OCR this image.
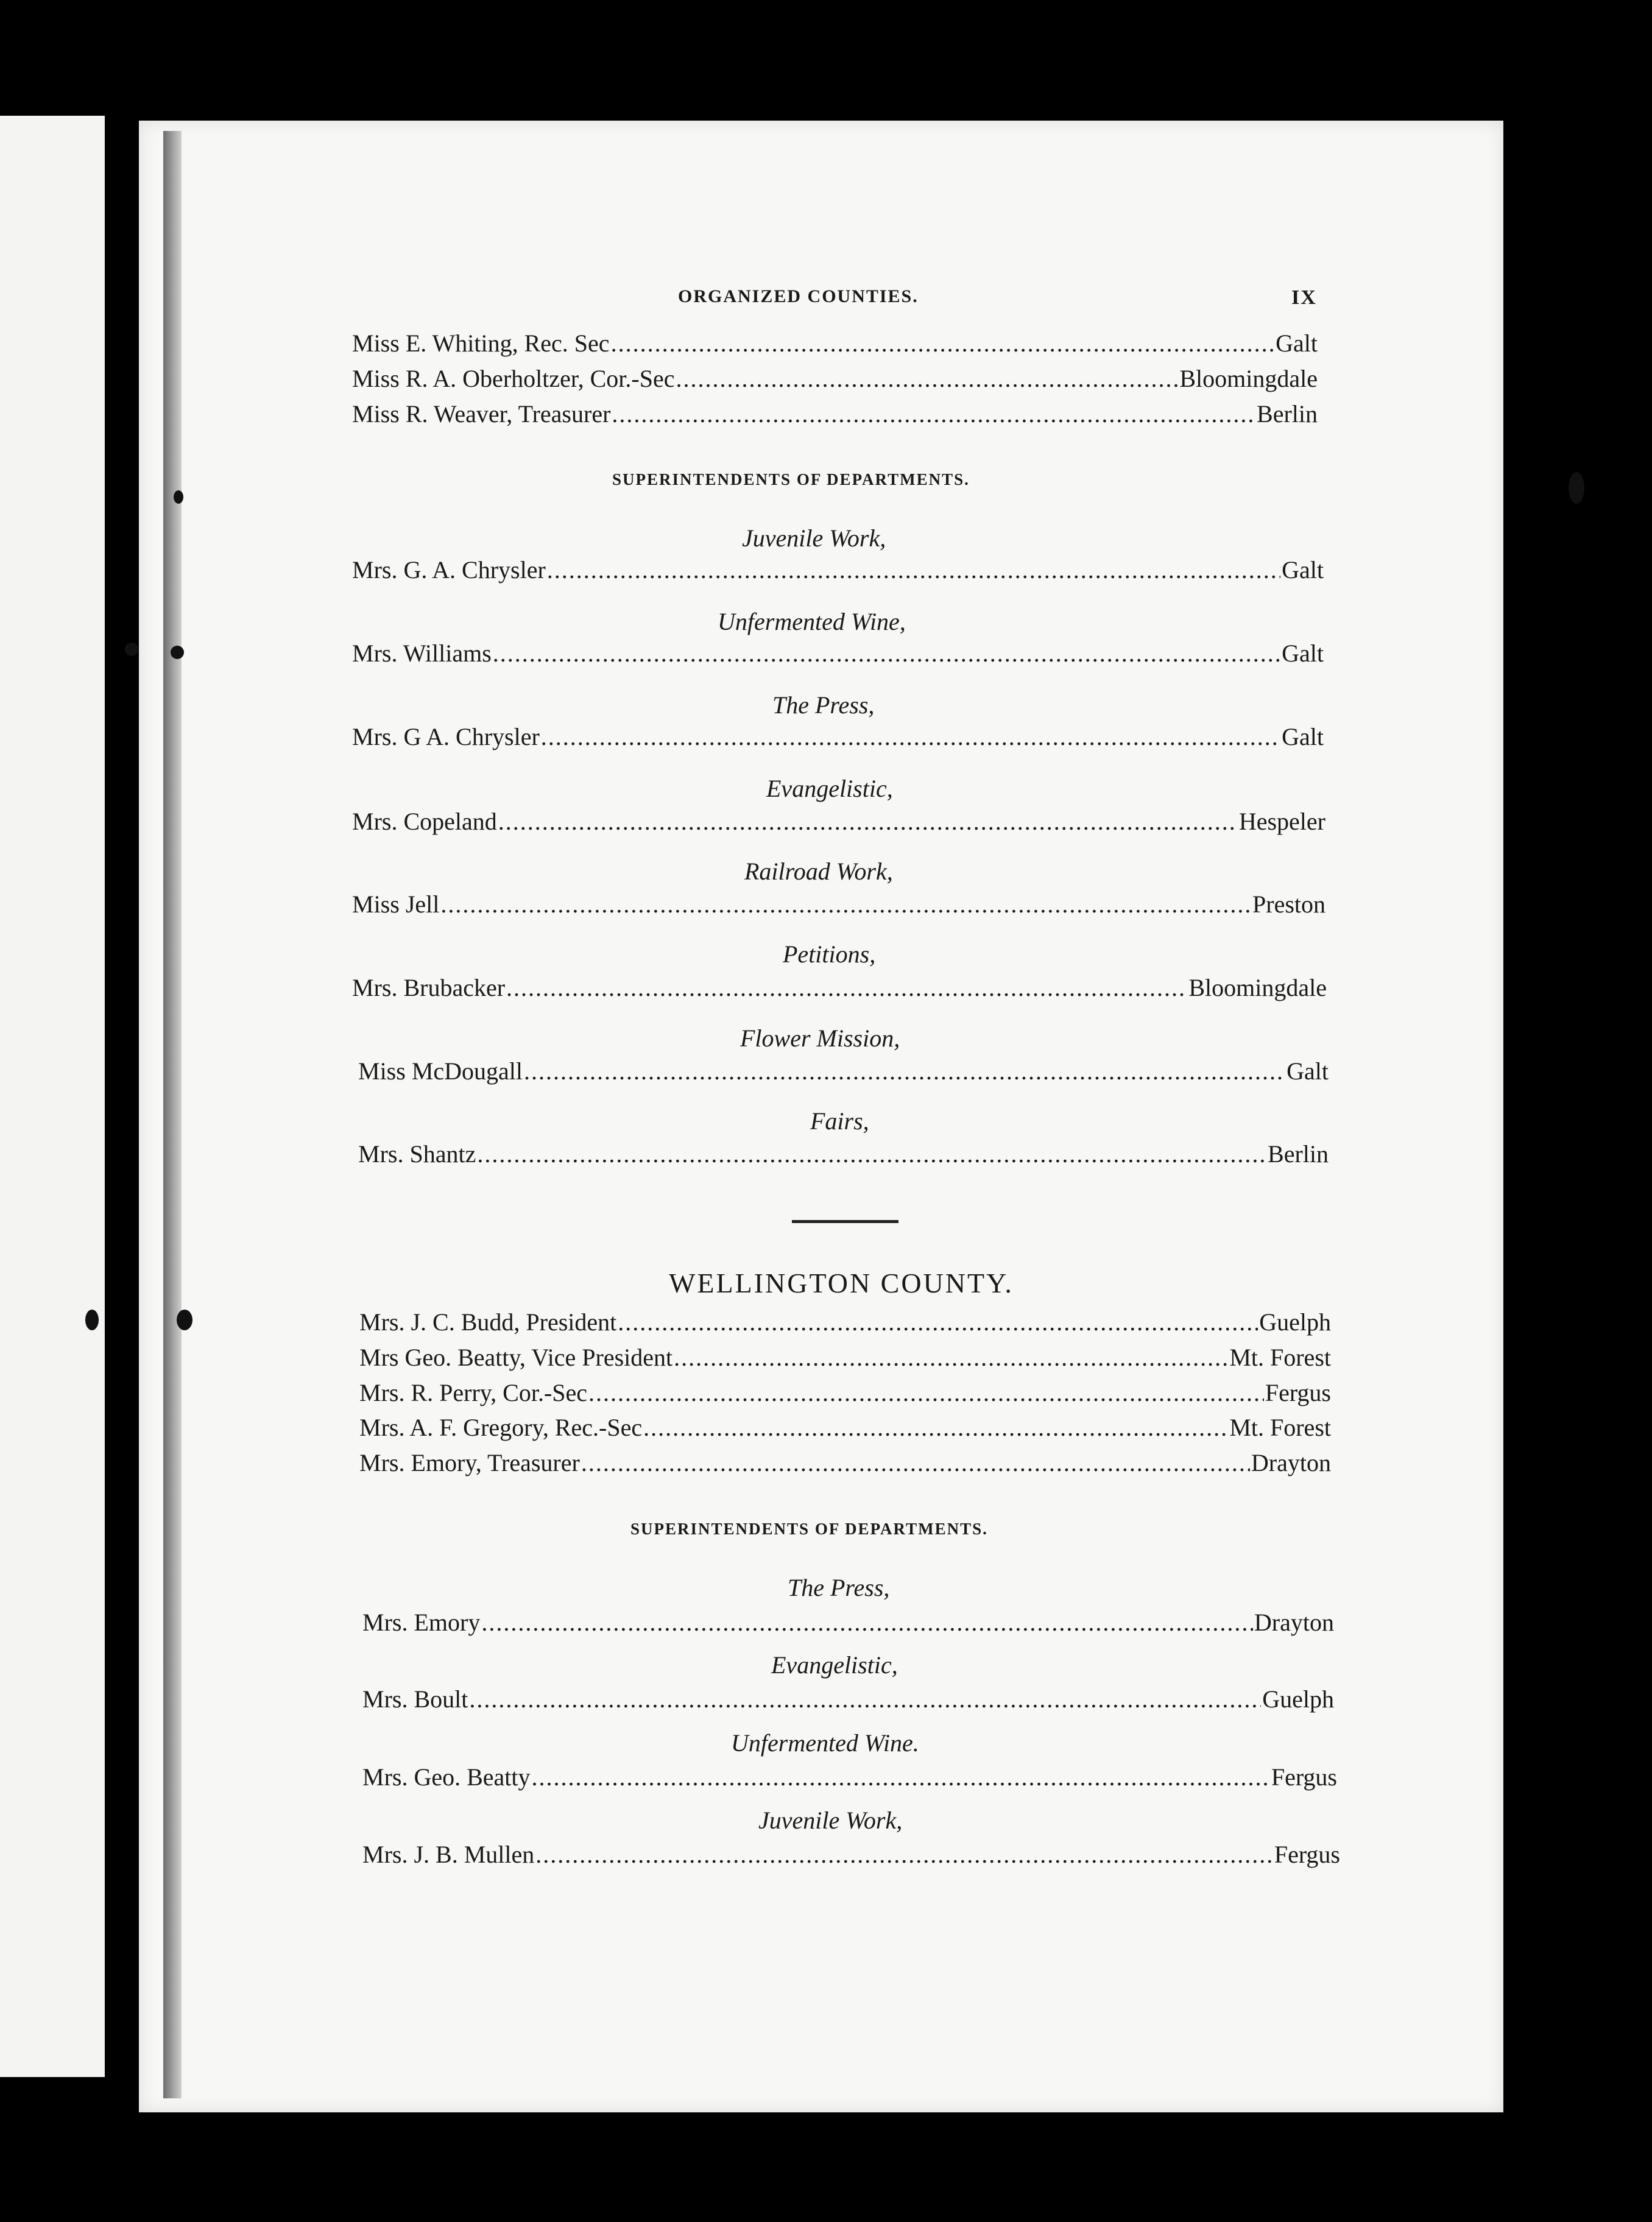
ORGANIZED COUNTIES.	IX
Miss E. Whiting, Rec. Sec .....	Galt
Miss R. A. Oberholtzer, Cor.-Sec .....	Bloomingdale
Miss R. Weaver, Treasurer .....	Berlin
SUPERINTENDENTS OF DEPARTMENTS.
Juvenile Work,
Mrs. G. A. Chrysler .....	Galt
Unfermented Wine,
Mrs. Williams .....	Galt
The Press,
Mrs. G A. Chrysler .....	Galt
Evangelistic,
Mrs. Copeland .....	Hespeler
Railroad Work,
Miss Jell .....	Preston
Petitions,
Mrs. Brubacker .....	Bloomingdale
Flower Mission,
Miss McDougall .....	Galt
Fairs,
Mrs. Shantz .....	Berlin
WELLINGTON COUNTY.
Mrs. J. C. Budd, President .....	Guelph
Mrs Geo. Beatty, Vice President .....	Mt. Forest
Mrs. R. Perry, Cor.-Sec .....	Fergus
Mrs. A. F. Gregory, Rec.-Sec .....	Mt. Forest
Mrs. Emory, Treasurer .....	Drayton
SUPERINTENDENTS OF DEPARTMENTS.
The Press,
Mrs. Emory .....	Drayton
Evangelistic,
Mrs. Boult .....	Guelph
Unfermented Wine.
Mrs. Geo. Beatty .....	Fergus
Juvenile Work,
Mrs. J. B. Mullen .....	Fergus
